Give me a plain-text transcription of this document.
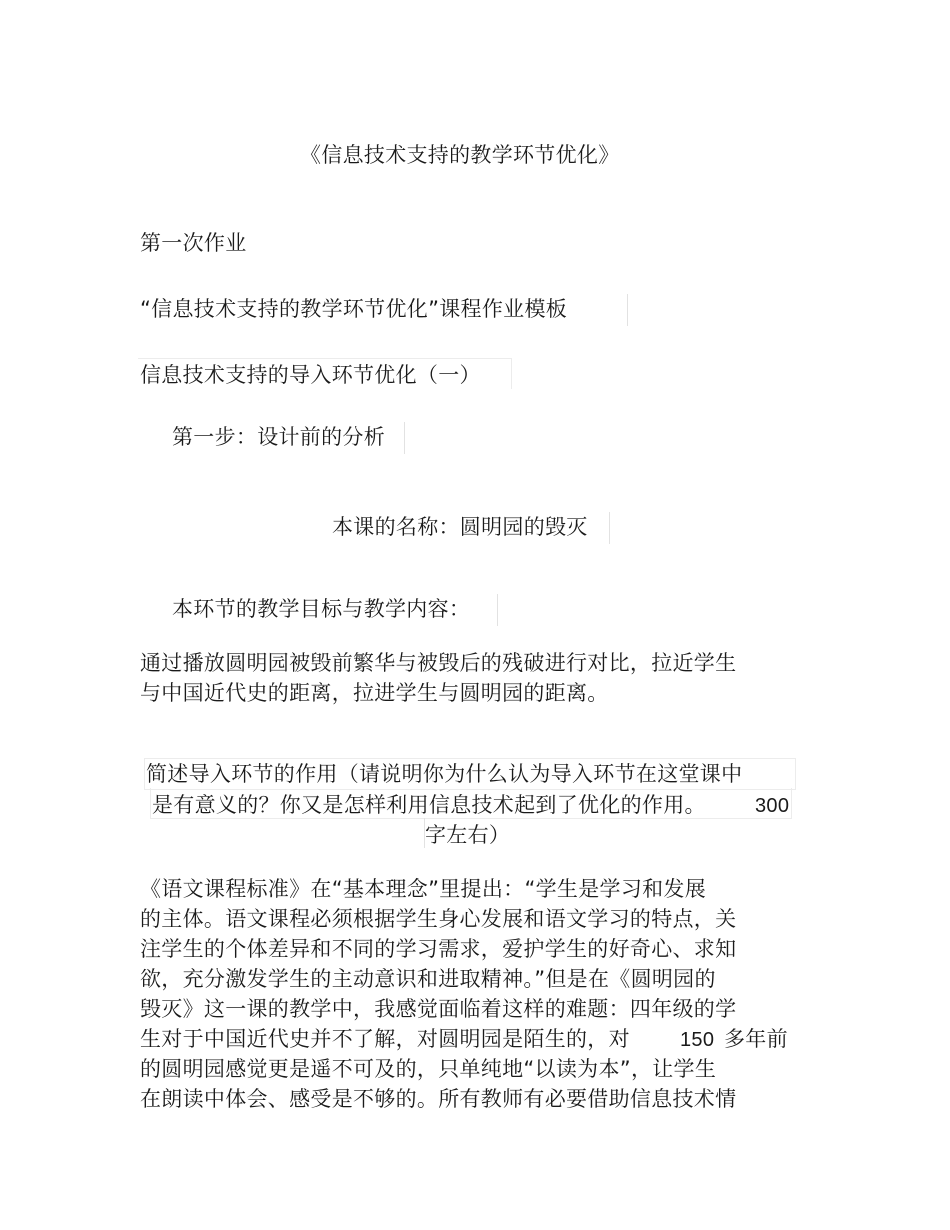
《信息技术支持的教学环节优化》
第一次作业
“信息技术支持的教学环节优化”课程作业模板
信息技术支持的导入环节优化（一）
第一步：设计前的分析
本课的名称：圆明园的毁灭
本环节的教学目标与教学内容：
通过播放圆明园被毁前繁华与被毁后的残破进行对比，拉近学生
与中国近代史的距离，拉进学生与圆明园的距离。
简述导入环节的作用（请说明你为什么认为导入环节在这堂课中
是有意义的？你又是怎样利用信息技术起到了优化的作用。 300
字左右）
《语文课程标准》在“基本理念”里提出：“学生是学习和发展
的主体。语文课程必须根据学生身心发展和语文学习的特点，关
注学生的个体差异和不同的学习需求，爱护学生的好奇心、求知
欲，充分激发学生的主动意识和进取精神。”但是在《圆明园的
毁灭》这一课的教学中，我感觉面临着这样的难题：四年级的学
生对于中国近代史并不了解，对圆明园是陌生的，对	150 多年前
的圆明园感觉更是遥不可及的，只单纯地“以读为本”，让学生
在朗读中体会、感受是不够的。所有教师有必要借助信息技术情
